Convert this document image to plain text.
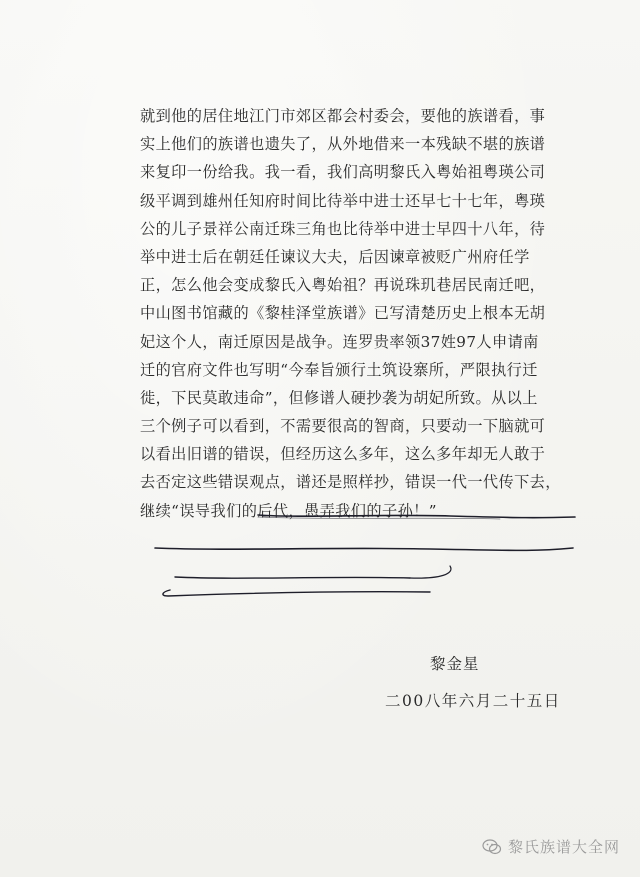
就到他的居住地江门市郊区都会村委会，要他的族谱看，事
实上他们的族谱也遗失了，从外地借来一本残缺不堪的族谱
来复印一份给我。我一看，我们高明黎氏入粤始祖粤瑛公司
级平调到雄州任知府时间比待举中进士还早七十七年，粤瑛
公的儿子景祥公南迁珠三角也比待举中进士早四十八年，待
举中进士后在朝廷任谏议大夫，后因谏章被贬广州府任学
正，怎么他会变成黎氏入粤始祖？再说珠玑巷居民南迁吧，
中山图书馆藏的《黎桂泽堂族谱》已写清楚历史上根本无胡
妃这个人，南迁原因是战争。连罗贵率领37姓97人申请南
迁的官府文件也写明“今奉旨颁行土筑设寨所，严限执行迁
徙，下民莫敢违命”，但修谱人硬抄袭为胡妃所致。从以上
三个例子可以看到，不需要很高的智商，只要动一下脑就可
以看出旧谱的错误，但经历这么多年，这么多年却无人敢于
去否定这些错误观点，谱还是照样抄，错误一代一代传下去，
继续“误导我们的后代，愚弄我们的子孙！”
黎金星
二00八年六月二十五日
黎氏族谱大全网
